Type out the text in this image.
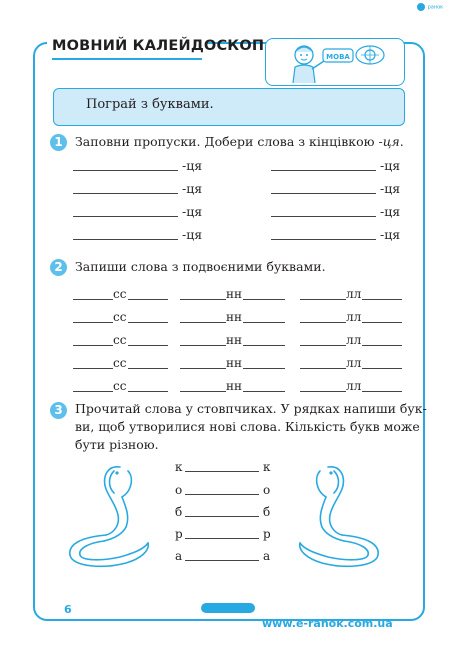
МОВНИЙ КАЛЕЙДОСКОП
ранок
МОВА
Пограй з буквами.
1 Заповни пропуски. Добери слова з кінцівкою -ця.
-ця	-ця
-ця	-ця
-ця	-ця
-ця	-ця
2 Запиши слова з подвоєними буквами.
сс	нн	лл
сс	нн	лл
сс	нн	лл
сс	нн	лл
сс	нн	лл
3 Прочитай слова у стовпчиках. У рядках напиши бук-
ви, щоб утворилися нові слова. Кількість букв може
бути різною.
к	к
о	о
б	б
р	р
а	а
6
www.e-ranok.com.ua
